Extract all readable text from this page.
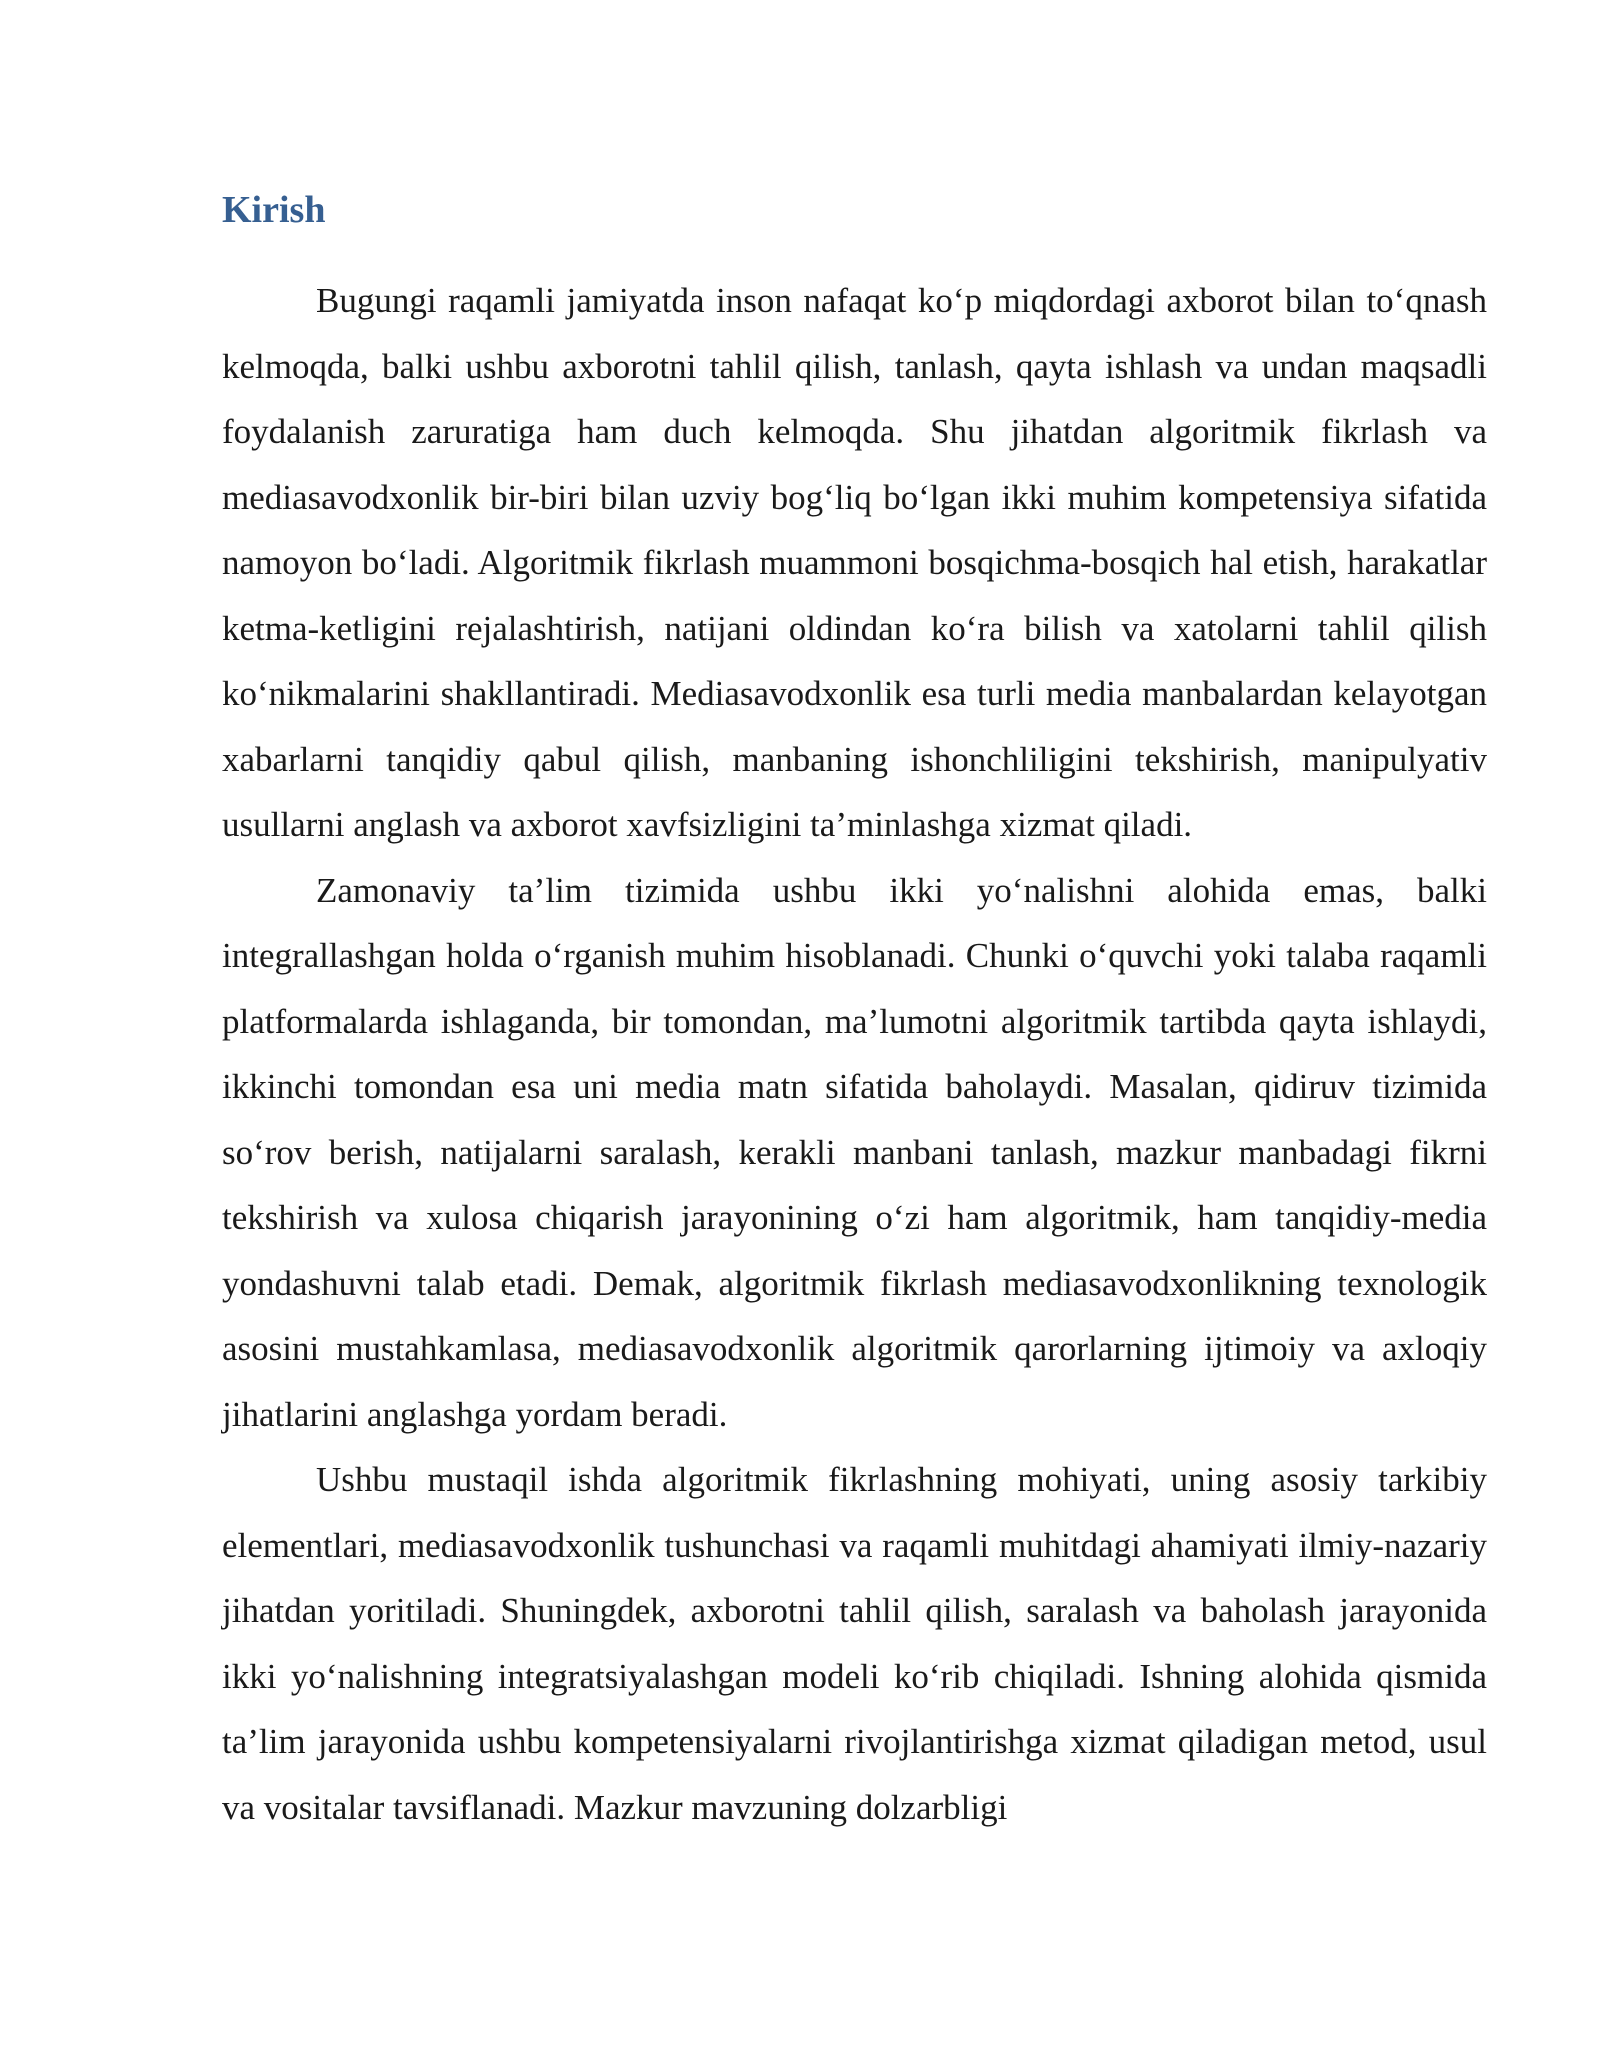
Kirish

Bugungi raqamli jamiyatda inson nafaqat ko‘p miqdordagi axborot bilan to‘qnash kelmoqda, balki ushbu axborotni tahlil qilish, tanlash, qayta ishlash va undan maqsadli foydalanish zaruratiga ham duch kelmoqda. Shu jihatdan algoritmik fikrlash va mediasavodxonlik bir-biri bilan uzviy bog‘liq bo‘lgan ikki muhim kompetensiya sifatida namoyon bo‘ladi. Algoritmik fikrlash muammoni bosqichma-bosqich hal etish, harakatlar ketma-ketligini rejalashtirish, natijani oldindan ko‘ra bilish va xatolarni tahlil qilish ko‘nikmalarini shakllantiradi. Mediasavodxonlik esa turli media manbalardan kelayotgan xabarlarni tanqidiy qabul qilish, manbaning ishonchliligini tekshirish, manipulyativ usullarni anglash va axborot xavfsizligini ta’minlashga xizmat qiladi.

Zamonaviy ta’lim tizimida ushbu ikki yo‘nalishni alohida emas, balki integrallashgan holda o‘rganish muhim hisoblanadi. Chunki o‘quvchi yoki talaba raqamli platformalarda ishlaganda, bir tomondan, ma’lumotni algoritmik tartibda qayta ishlaydi, ikkinchi tomondan esa uni media matn sifatida baholaydi. Masalan, qidiruv tizimida so‘rov berish, natijalarni saralash, kerakli manbani tanlash, mazkur manbadagi fikrni tekshirish va xulosa chiqarish jarayonining o‘zi ham algoritmik, ham tanqidiy-media yondashuvni talab etadi. Demak, algoritmik fikrlash mediasavodxonlikning texnologik asosini mustahkamlasa, mediasavodxonlik algoritmik qarorlarning ijtimoiy va axloqiy jihatlarini anglashga yordam beradi.

Ushbu mustaqil ishda algoritmik fikrlashning mohiyati, uning asosiy tarkibiy elementlari, mediasavodxonlik tushunchasi va raqamli muhitdagi ahamiyati ilmiy-nazariy jihatdan yoritiladi. Shuningdek, axborotni tahlil qilish, saralash va baholash jarayonida ikki yo‘nalishning integratsiyalashgan modeli ko‘rib chiqiladi. Ishning alohida qismida ta’lim jarayonida ushbu kompetensiyalarni rivojlantirishga xizmat qiladigan metod, usul va vositalar tavsiflanadi. Mazkur mavzuning dolzarbligi
